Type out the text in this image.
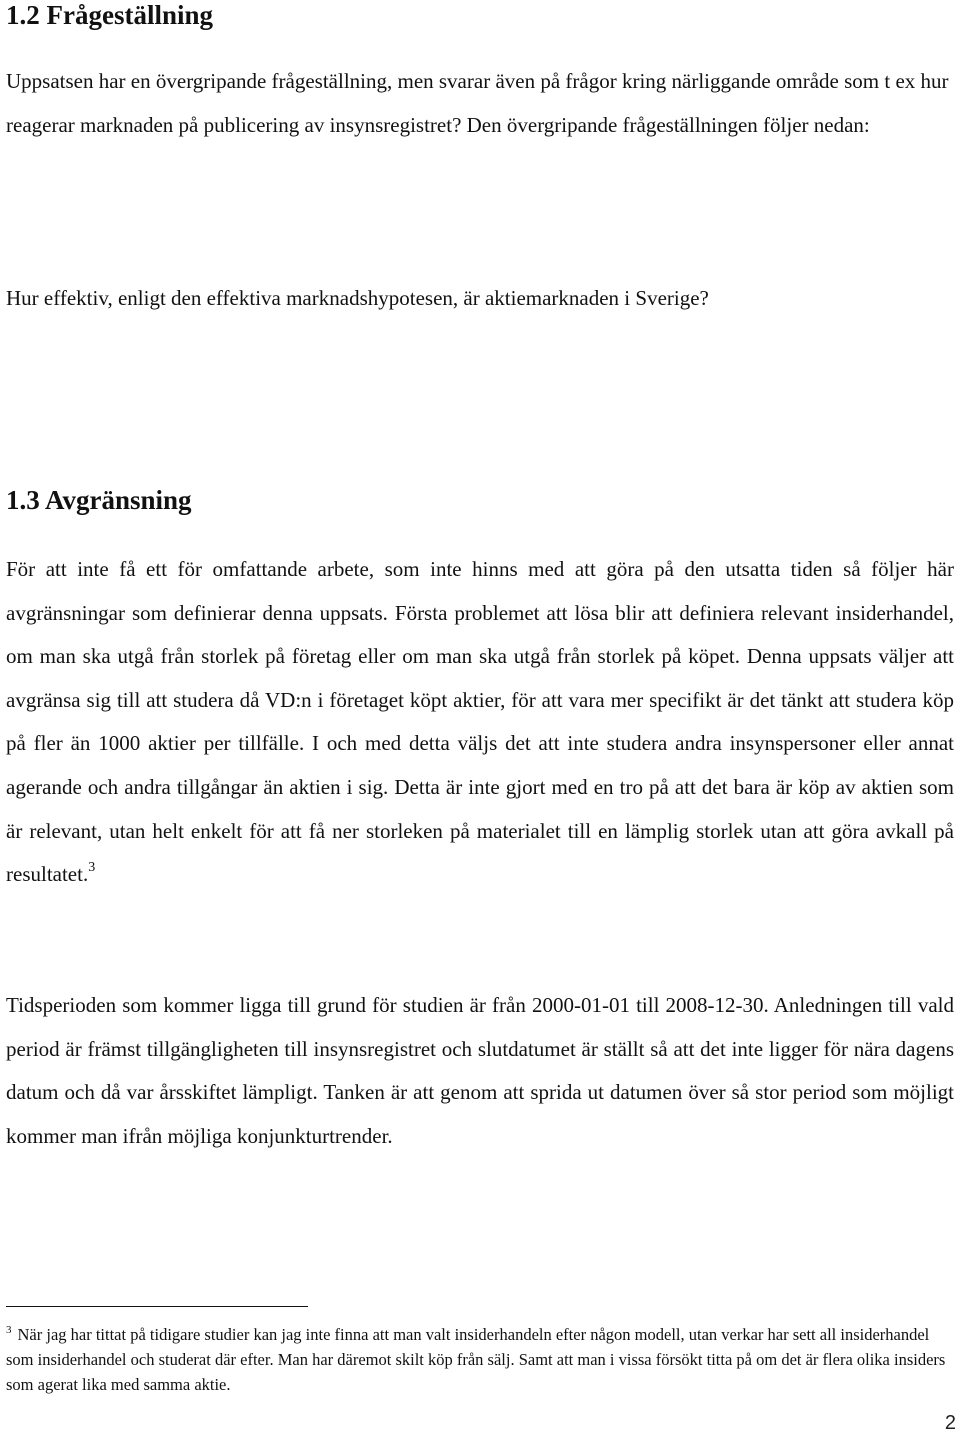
1.2 Frågeställning

Uppsatsen har en övergripande frågeställning, men svarar även på frågor kring närliggande område som t ex hur reagerar marknaden på publicering av insynsregistret? Den övergripande frågeställningen följer nedan:

Hur effektiv, enligt den effektiva marknadshypotesen, är aktiemarknaden i Sverige?

1.3 Avgränsning

För att inte få ett för omfattande arbete, som inte hinns med att göra på den utsatta tiden så följer här avgränsningar som definierar denna uppsats. Första problemet att lösa blir att definiera relevant insiderhandel, om man ska utgå från storlek på företag eller om man ska utgå från storlek på köpet. Denna uppsats väljer att avgränsa sig till att studera då VD:n i företaget köpt aktier, för att vara mer specifikt är det tänkt att studera köp på fler än 1000 aktier per tillfälle. I och med detta väljs det att inte studera andra insynspersoner eller annat agerande och andra tillgångar än aktien i sig. Detta är inte gjort med en tro på att det bara är köp av aktien som är relevant, utan helt enkelt för att få ner storleken på materialet till en lämplig storlek utan att göra avkall på resultatet.$^3$

Tidsperioden som kommer ligga till grund för studien är från 2000-01-01 till 2008-12-30. Anledningen till vald period är främst tillgängligheten till insynsregistret och slutdatumet är ställt så att det inte ligger för nära dagens datum och då var årsskiftet lämpligt. Tanken är att genom att sprida ut datumen över så stor period som möjligt kommer man ifrån möjliga konjunkturtrender.

$^3$ När jag har tittat på tidigare studier kan jag inte finna att man valt insiderhandeln efter någon modell, utan verkar har sett all insiderhandel som insiderhandel och studerat där efter. Man har däremot skilt köp från sälj. Samt att man i vissa försökt titta på om det är flera olika insiders som agerat lika med samma aktie.

2
